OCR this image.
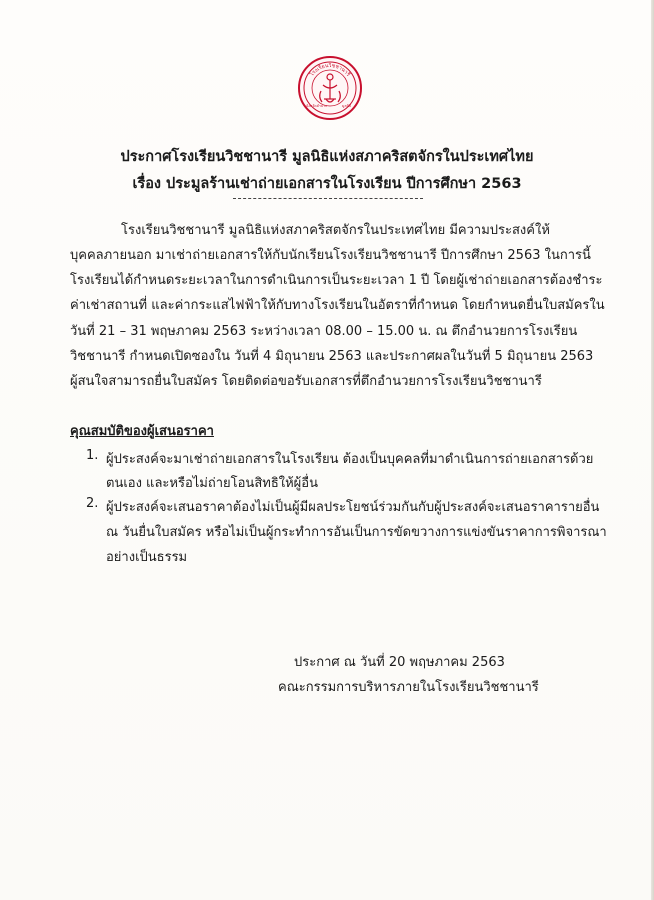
โรงเรียนวิชชานารี
จังหวัดลำปาง	มูลนิธิ
ประกาศโรงเรียนวิชชานารี มูลนิธิแห่งสภาคริสตจักรในประเทศไทย
เรื่อง ประมูลร้านเช่าถ่ายเอกสารในโรงเรียน ปีการศึกษา 2563
โรงเรียนวิชชานารี มูลนิธิแห่งสภาคริสตจักรในประเทศไทย มีความประสงค์ให้
บุคคลภายนอก มาเช่าถ่ายเอกสารให้กับนักเรียนโรงเรียนวิชชานารี ปีการศึกษา 2563 ในการนี้
โรงเรียนได้กำหนดระยะเวลาในการดำเนินการเป็นระยะเวลา 1 ปี โดยผู้เช่าถ่ายเอกสารต้องชำระ
ค่าเช่าสถานที่ และค่ากระแสไฟฟ้าให้กับทางโรงเรียนในอัตราที่กำหนด โดยกำหนดยื่นใบสมัครใน
วันที่ 21 – 31 พฤษภาคม 2563 ระหว่างเวลา 08.00 – 15.00 น. ณ ตึกอำนวยการโรงเรียน
วิชชานารี กำหนดเปิดซองใน วันที่ 4 มิถุนายน 2563 และประกาศผลในวันที่ 5 มิถุนายน 2563
ผู้สนใจสามารถยื่นใบสมัคร โดยติดต่อขอรับเอกสารที่ตึกอำนวยการโรงเรียนวิชชานารี
คุณสมบัติของผู้เสนอราคา
1. ผู้ประสงค์จะมาเช่าถ่ายเอกสารในโรงเรียน ต้องเป็นบุคคลที่มาดำเนินการถ่ายเอกสารด้วย
ตนเอง และหรือไม่ถ่ายโอนสิทธิให้ผู้อื่น
2. ผู้ประสงค์จะเสนอราคาต้องไม่เป็นผู้มีผลประโยชน์ร่วมกันกับผู้ประสงค์จะเสนอราคารายอื่น
ณ วันยื่นใบสมัคร หรือไม่เป็นผู้กระทำการอันเป็นการขัดขวางการแข่งขันราคาการพิจารณา
อย่างเป็นธรรม
ประกาศ ณ วันที่ 20 พฤษภาคม 2563
คณะกรรมการบริหารภายในโรงเรียนวิชชานารี
